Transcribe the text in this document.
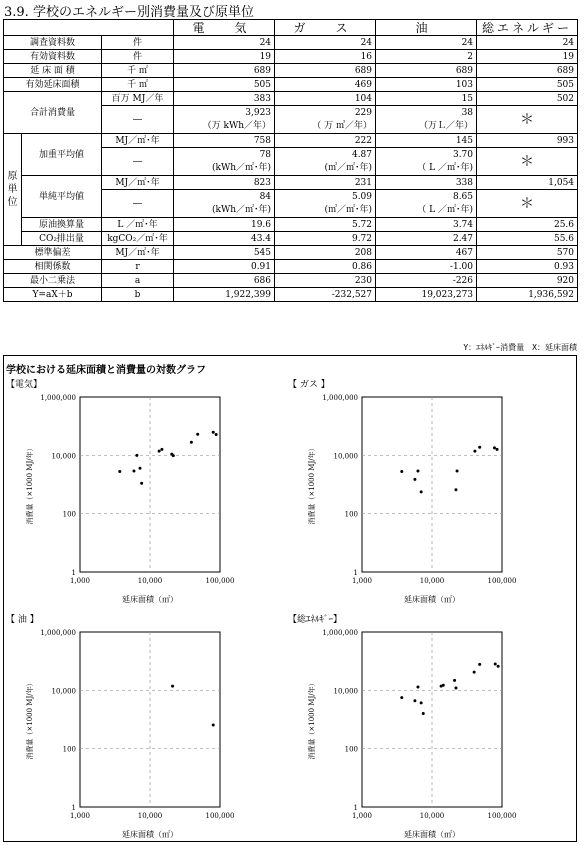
3.9. 学校のエネルギー別消費量及び原単位
			電　気	ガ　ス	油	総エネルギー
調査資料数		件	24	24	24	24
有効資料数		件	19	16	2	19
延 床 面 積		千 ㎡	689	689	689	689
有効延床面積		千 ㎡	505	469	103	505
合計消費量		百万 MJ／年	383	104	15	502
		―	3,923	229	38	＊
			（万 kWh／年）	（ 万 ㎥／年）	（万Ｌ／年）	
原単位	加重平均値	MJ／㎡･年	758	222	145	993
		―	78	4.87	3.70	＊
			(kWh／㎡･年)	(㎥／㎡･年)	（ L ／㎡･年)	
	単純平均値	MJ／㎡･年	823	231	338	1,054
		―	84	5.09	8.65	＊
			(kWh／㎡･年)	(㎥／㎡･年)	（ L ／㎡･年)	
	原油換算量	L ／㎡･年	19.6	5.72	3.74	25.6
	CO₂排出量	kgCO₂／㎡･年	43.4	9.72	2.47	55.6
標準偏差		MJ／㎡･年	545	208	467	570
相関係数		r	0.91	0.86	-1.00	0.93
最小二乗法		a	686	230	-226	920
Y=aX＋b		b	1,922,399	-232,527	19,023,273	1,936,592
Y：ｴﾈﾙｷﾞｰ消費量　X：延床面積
学校における延床面積と消費量の対数グラフ
【電気】	【 ガス 】
【 油 】	【総ｴﾈﾙｷﾞｰ】
1
100
10,000
1,000,000
1,000	10,000	100,000
延床面積（㎡）
消費量（×1000 MJ/年）
1
100
10,000
1,000,000
1,000	10,000	100,000
延床面積（㎡）
消費量（×1000 MJ/年）
1
100
10,000
1,000,000
1,000	10,000	100,000
延床面積（㎡）
消費量（×1000 MJ/年）
1
100
10,000
1,000,000
1,000	10,000	100,000
延床面積（㎡）
消費量（×1000 MJ/年）
